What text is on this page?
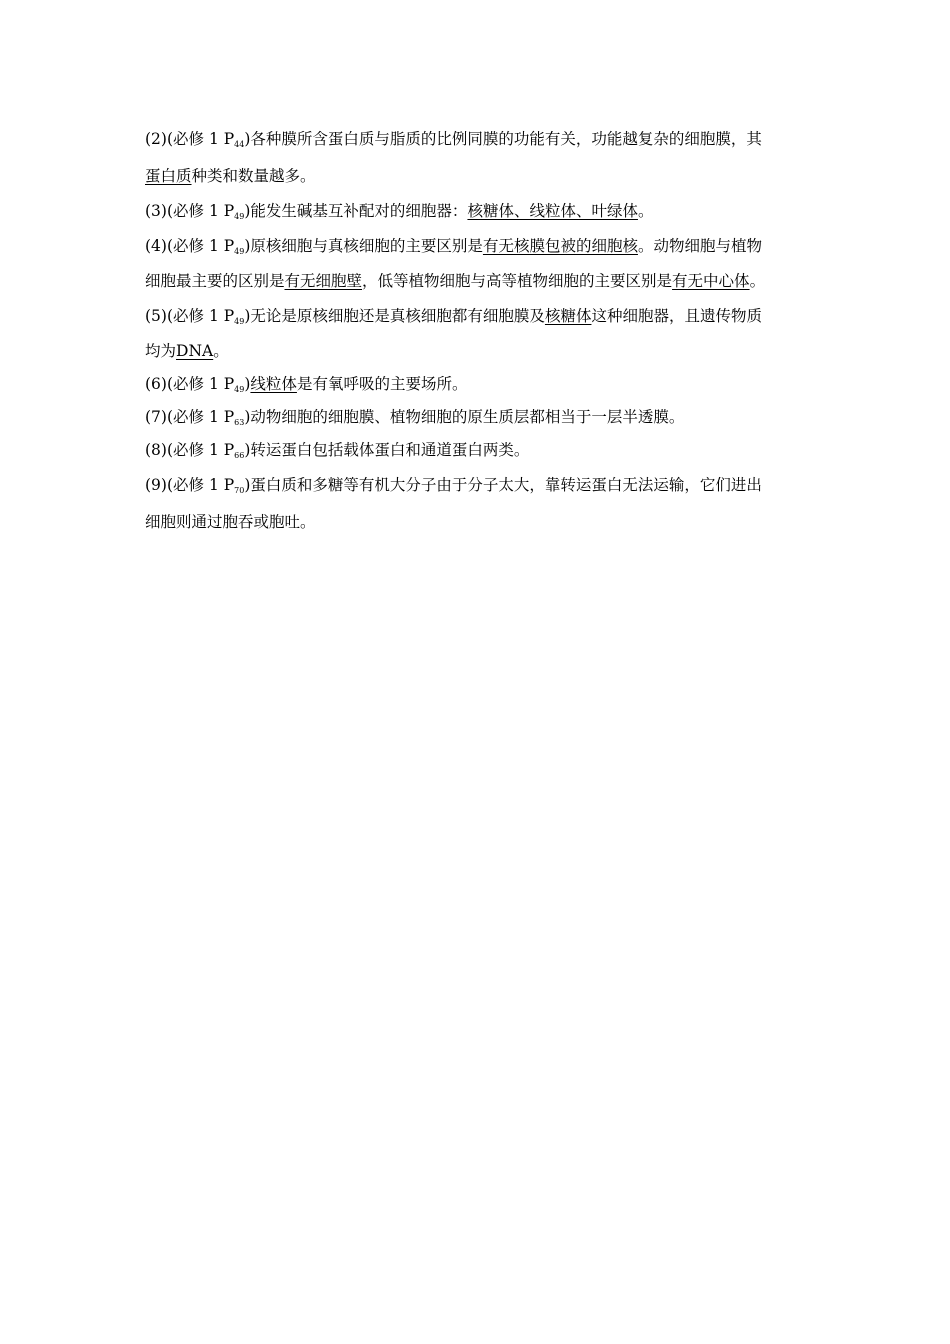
(2)(必修 1 P44)各种膜所含蛋白质与脂质的比例同膜的功能有关，功能越复杂的细胞膜，其
蛋白质种类和数量越多。
(3)(必修 1 P49)能发生碱基互补配对的细胞器：核糖体、线粒体、叶绿体。
(4)(必修 1 P49)原核细胞与真核细胞的主要区别是有无核膜包被的细胞核。动物细胞与植物
细胞最主要的区别是有无细胞壁，低等植物细胞与高等植物细胞的主要区别是有无中心体。
(5)(必修 1 P49)无论是原核细胞还是真核细胞都有细胞膜及核糖体这种细胞器，且遗传物质
均为DNA。
(6)(必修 1 P49)线粒体是有氧呼吸的主要场所。
(7)(必修 1 P63)动物细胞的细胞膜、植物细胞的原生质层都相当于一层半透膜。
(8)(必修 1 P66)转运蛋白包括载体蛋白和通道蛋白两类。
(9)(必修 1 P70)蛋白质和多糖等有机大分子由于分子太大，靠转运蛋白无法运输，它们进出
细胞则通过胞吞或胞吐。
